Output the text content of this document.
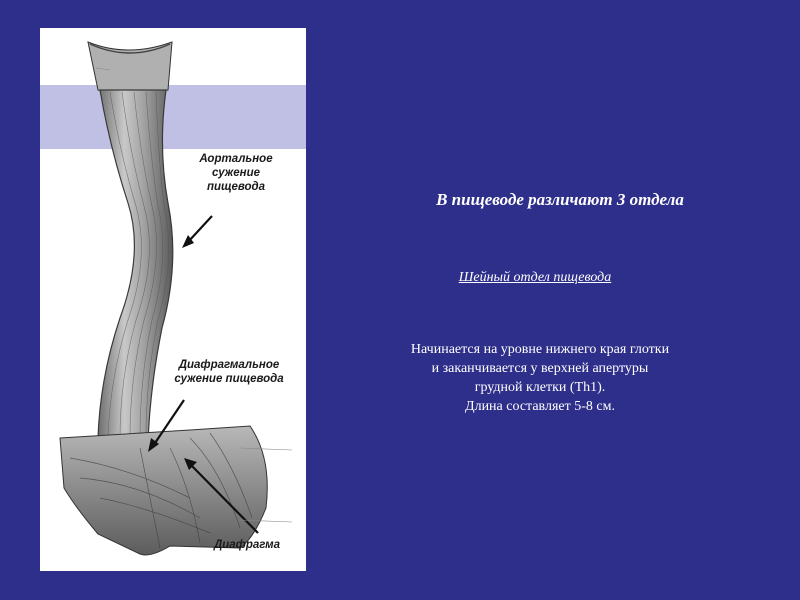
Аортальное
сужение
пищевода
Диафрагмальное
сужение пищевода
Диафрагма
В пищеводе различают 3 отдела
Шейный отдел пищевода
Начинается на уровне нижнего края глотки
и заканчивается у верхней апертуры
грудной клетки (Th1).
Длина составляет 5-8 см.
